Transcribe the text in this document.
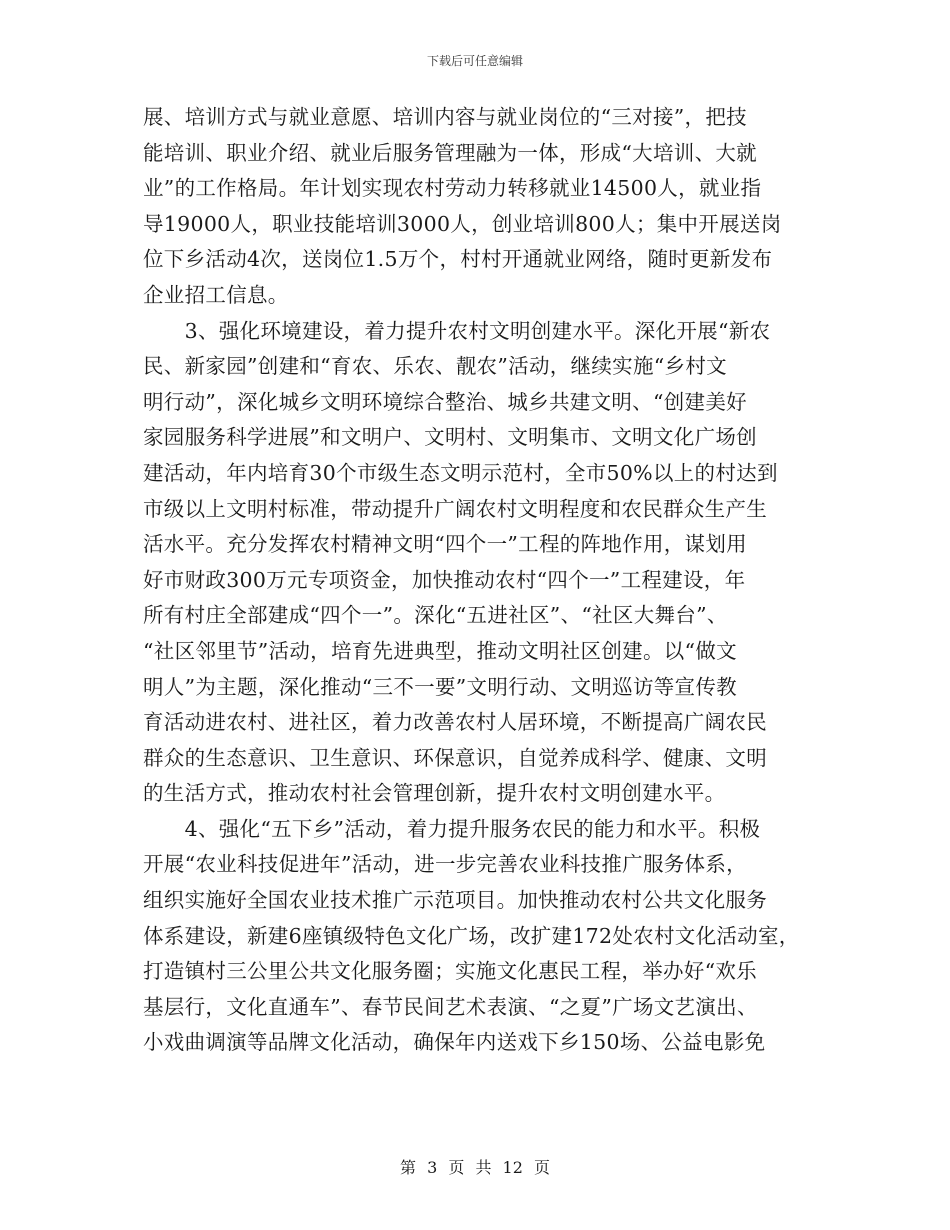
下载后可任意编辑
展、培训方式与就业意愿、培训内容与就业岗位的“三对接”，把技
能培训、职业介绍、就业后服务管理融为一体，形成“大培训、大就
业”的工作格局。年计划实现农村劳动力转移就业14500人，就业指
导19000人，职业技能培训3000人，创业培训800人；集中开展送岗
位下乡活动4次，送岗位1.5万个，村村开通就业网络，随时更新发布
企业招工信息。
　　3、强化环境建设，着力提升农村文明创建水平。深化开展“新农
民、新家园”创建和“育农、乐农、靓农”活动，继续实施“乡村文
明行动”，深化城乡文明环境综合整治、城乡共建文明、“创建美好
家园服务科学进展”和文明户、文明村、文明集市、文明文化广场创
建活动，年内培育30个市级生态文明示范村，全市50%以上的村达到
市级以上文明村标准，带动提升广阔农村文明程度和农民群众生产生
活水平。充分发挥农村精神文明“四个一”工程的阵地作用，谋划用
好市财政300万元专项资金，加快推动农村“四个一”工程建设，年
所有村庄全部建成“四个一”。深化“五进社区”、“社区大舞台”、
“社区邻里节”活动，培育先进典型，推动文明社区创建。以“做文
明人”为主题，深化推动“三不一要”文明行动、文明巡访等宣传教
育活动进农村、进社区，着力改善农村人居环境，不断提高广阔农民
群众的生态意识、卫生意识、环保意识，自觉养成科学、健康、文明
的生活方式，推动农村社会管理创新，提升农村文明创建水平。
　　4、强化“五下乡”活动，着力提升服务农民的能力和水平。积极
开展“农业科技促进年”活动，进一步完善农业科技推广服务体系，
组织实施好全国农业技术推广示范项目。加快推动农村公共文化服务
体系建设，新建6座镇级特色文化广场，改扩建172处农村文化活动室，
打造镇村三公里公共文化服务圈；实施文化惠民工程，举办好“欢乐
基层行，文化直通车”、春节民间艺术表演、“之夏”广场文艺演出、
小戏曲调演等品牌文化活动，确保年内送戏下乡150场、公益电影免
第 3 页 共 12 页
